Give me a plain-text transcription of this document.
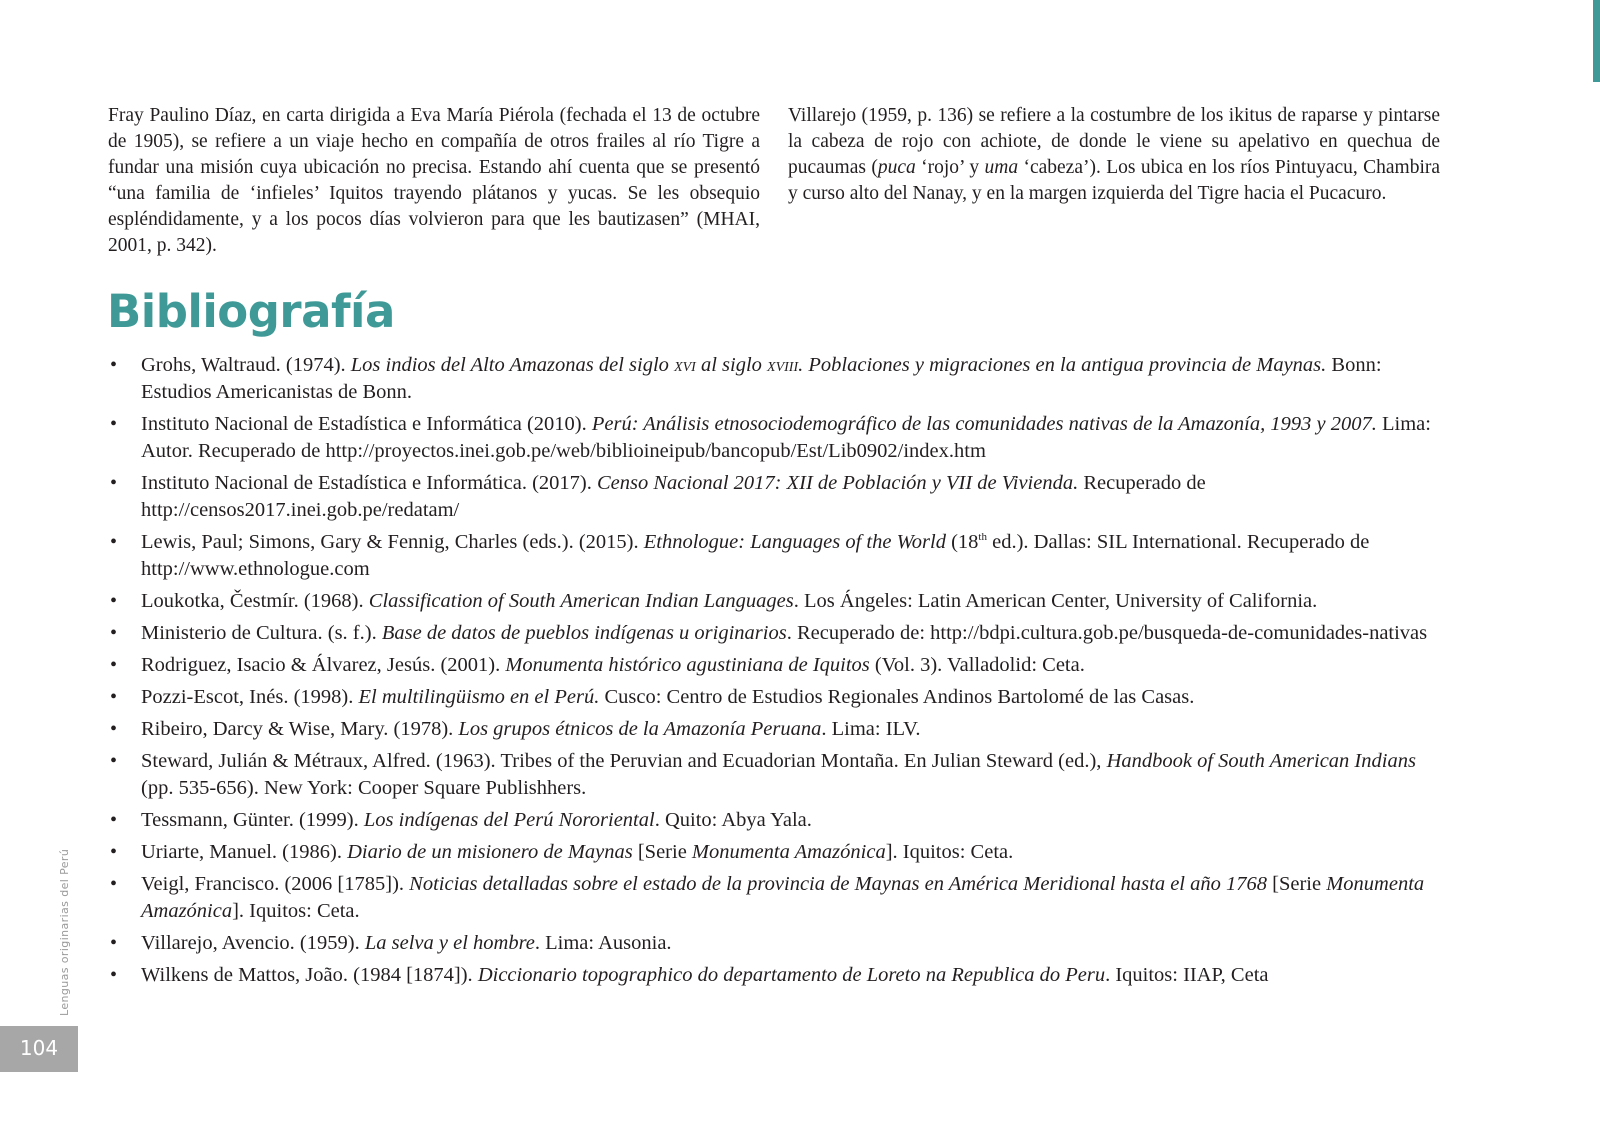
Fray Paulino Díaz, en carta dirigida a Eva María Piérola (fechada el 13 de octubre de 1905), se refiere a un viaje hecho en compañía de otros frailes al río Tigre a fundar una misión cuya ubicación no precisa. Estando ahí cuenta que se presentó “una familia de ‘infieles’ Iquitos trayendo plátanos y yucas. Se les obsequio espléndidamente, y a los pocos días volvieron para que les bautizasen” (MHAI, 2001, p. 342).

Villarejo (1959, p. 136) se refiere a la costumbre de los ikitus de raparse y pintarse la cabeza de rojo con achiote, de donde le viene su apelativo en quechua de pucaumas (puca ‘rojo’ y uma ‘cabeza’). Los ubica en los ríos Pintuyacu, Chambira y curso alto del Nanay, y en la margen izquierda del Tigre hacia el Pucacuro.

Bibliografía
• Grohs, Waltraud. (1974). Los indios del Alto Amazonas del siglo xvi al siglo xviii. Poblaciones y migraciones en la antigua provincia de Maynas. Bonn: Estudios Americanistas de Bonn.
• Instituto Nacional de Estadística e Informática (2010). Perú: Análisis etnosociodemográfico de las comunidades nativas de la Amazonía, 1993 y 2007. Lima: Autor. Recuperado de http://proyectos.inei.gob.pe/web/biblioineipub/bancopub/Est/Lib0902/index.htm
• Instituto Nacional de Estadística e Informática. (2017). Censo Nacional 2017: XII de Población y VII de Vivienda. Recuperado de http://censos2017.inei.gob.pe/redatam/
• Lewis, Paul; Simons, Gary & Fennig, Charles (eds.). (2015). Ethnologue: Languages of the World (18th ed.). Dallas: SIL International. Recuperado de http://www.ethnologue.com
• Loukotka, Čestmír. (1968). Classification of South American Indian Languages. Los Ángeles: Latin American Center, University of California.
• Ministerio de Cultura. (s. f.). Base de datos de pueblos indígenas u originarios. Recuperado de: http://bdpi.cultura.gob.pe/busqueda-de-comunidades-nativas
• Rodriguez, Isacio & Álvarez, Jesús. (2001). Monumenta histórico agustiniana de Iquitos (Vol. 3). Valladolid: Ceta.
• Pozzi-Escot, Inés. (1998). El multilingüismo en el Perú. Cusco: Centro de Estudios Regionales Andinos Bartolomé de las Casas.
• Ribeiro, Darcy & Wise, Mary. (1978). Los grupos étnicos de la Amazonía Peruana. Lima: ILV.
• Steward, Julián & Métraux, Alfred. (1963). Tribes of the Peruvian and Ecuadorian Montaña. En Julian Steward (ed.), Handbook of South American Indians (pp. 535-656). New York: Cooper Square Publishhers.
• Tessmann, Günter. (1999). Los indígenas del Perú Nororiental. Quito: Abya Yala.
• Uriarte, Manuel. (1986). Diario de un misionero de Maynas [Serie Monumenta Amazónica]. Iquitos: Ceta.
• Veigl, Francisco. (2006 [1785]). Noticias detalladas sobre el estado de la provincia de Maynas en América Meridional hasta el año 1768 [Serie Monumenta Amazónica]. Iquitos: Ceta.
• Villarejo, Avencio. (1959). La selva y el hombre. Lima: Ausonia.
• Wilkens de Mattos, João. (1984 [1874]). Diccionario topographico do departamento de Loreto na Republica do Peru. Iquitos: IIAP, Ceta
Lenguas originarias del Perú
104
